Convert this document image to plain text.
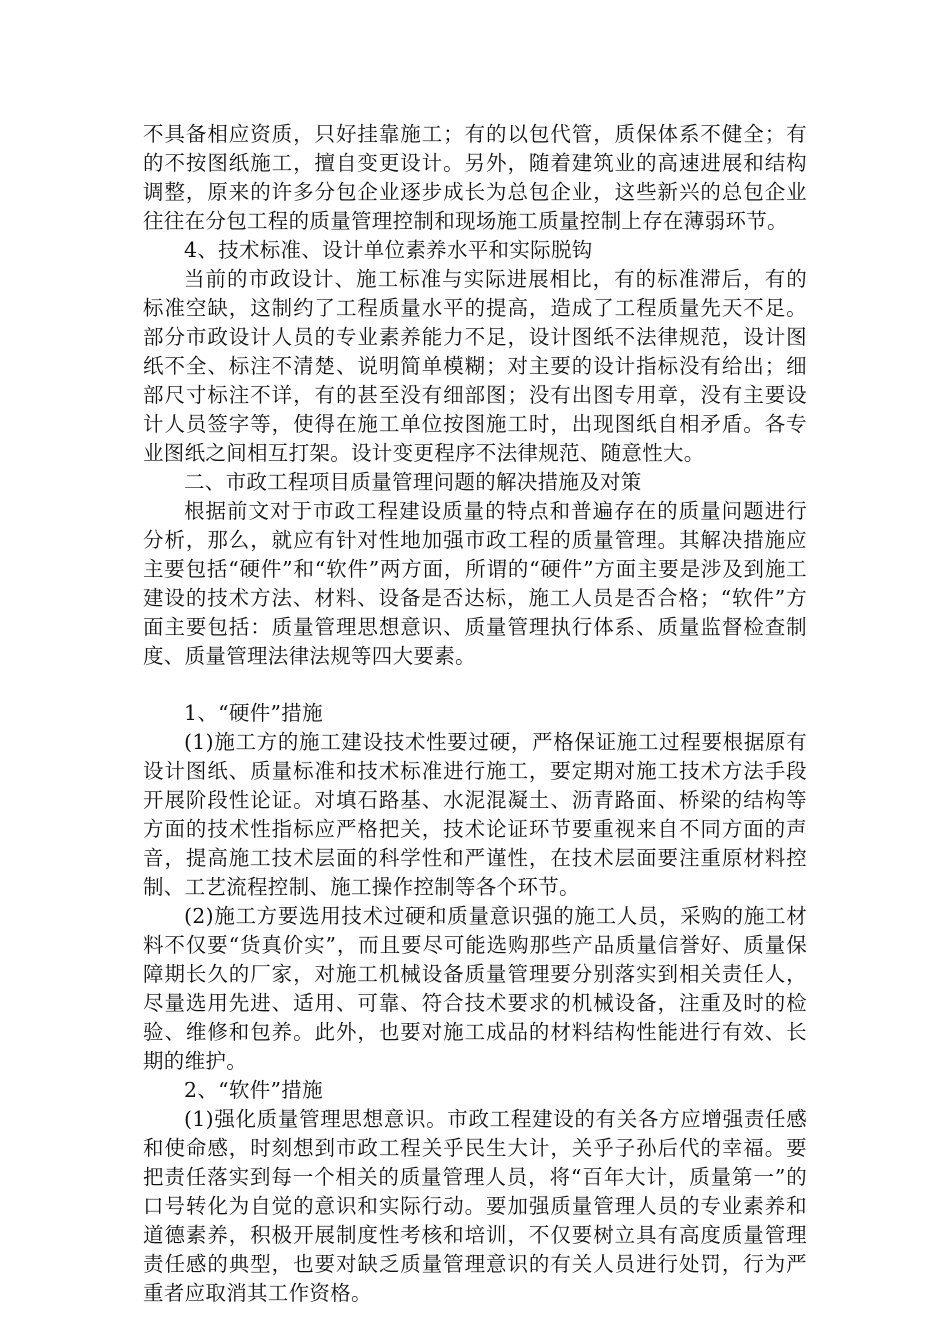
不具备相应资质，只好挂靠施工；有的以包代管，质保体系不健全；有的不按图纸施工，擅自变更设计。另外，随着建筑业的高速进展和结构调整，原来的许多分包企业逐步成长为总包企业，这些新兴的总包企业往往在分包工程的质量管理控制和现场施工质量控制上存在薄弱环节。

4、技术标准、设计单位素养水平和实际脱钩

当前的市政设计、施工标准与实际进展相比，有的标准滞后，有的标准空缺，这制约了工程质量水平的提高，造成了工程质量先天不足。部分市政设计人员的专业素养能力不足，设计图纸不法律规范，设计图纸不全、标注不清楚、说明简单模糊；对主要的设计指标没有给出；细部尺寸标注不详，有的甚至没有细部图；没有出图专用章，没有主要设计人员签字等，使得在施工单位按图施工时，出现图纸自相矛盾。各专业图纸之间相互打架。设计变更程序不法律规范、随意性大。

二、市政工程项目质量管理问题的解决措施及对策

根据前文对于市政工程建设质量的特点和普遍存在的质量问题进行分析，那么，就应有针对性地加强市政工程的质量管理。其解决措施应主要包括“硬件”和“软件”两方面，所谓的“硬件”方面主要是涉及到施工建设的技术方法、材料、设备是否达标，施工人员是否合格；“软件”方面主要包括：质量管理思想意识、质量管理执行体系、质量监督检查制度、质量管理法律法规等四大要素。

1、“硬件”措施

(1)施工方的施工建设技术性要过硬，严格保证施工过程要根据原有设计图纸、质量标准和技术标准进行施工，要定期对施工技术方法手段开展阶段性论证。对填石路基、水泥混凝土、沥青路面、桥梁的结构等方面的技术性指标应严格把关，技术论证环节要重视来自不同方面的声音，提高施工技术层面的科学性和严谨性，在技术层面要注重原材料控制、工艺流程控制、施工操作控制等各个环节。

(2)施工方要选用技术过硬和质量意识强的施工人员，采购的施工材料不仅要“货真价实”，而且要尽可能选购那些产品质量信誉好、质量保障期长久的厂家，对施工机械设备质量管理要分别落实到相关责任人，尽量选用先进、适用、可靠、符合技术要求的机械设备，注重及时的检验、维修和包养。此外，也要对施工成品的材料结构性能进行有效、长期的维护。

2、“软件”措施

(1)强化质量管理思想意识。市政工程建设的有关各方应增强责任感和使命感，时刻想到市政工程关乎民生大计，关乎子孙后代的幸福。要把责任落实到每一个相关的质量管理人员，将“百年大计，质量第一”的口号转化为自觉的意识和实际行动。要加强质量管理人员的专业素养和道德素养，积极开展制度性考核和培训，不仅要树立具有高度质量管理责任感的典型，也要对缺乏质量管理意识的有关人员进行处罚，行为严重者应取消其工作资格。
